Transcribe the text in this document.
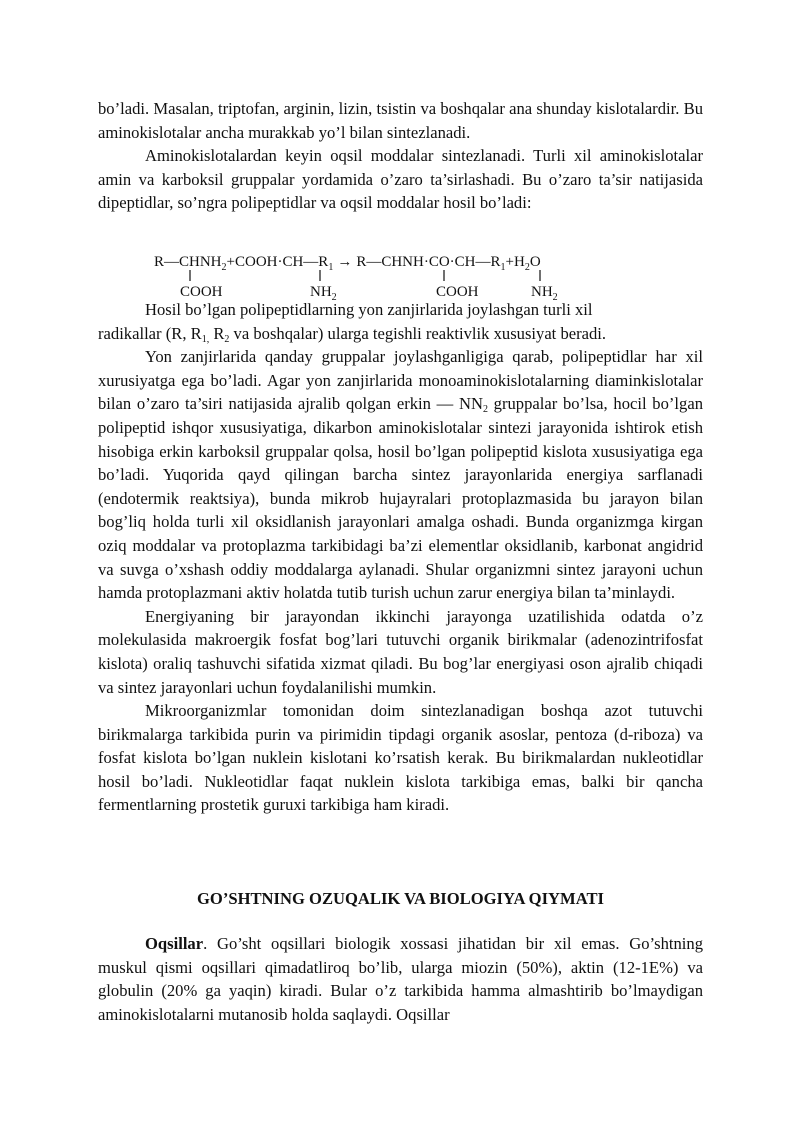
bo’ladi. Masalan, triptofan, arginin, lizin, tsistin va boshqalar ana shunday kislotalardir. Bu aminokislotalar ancha murakkab yo’l bilan sintezlanadi.

Aminokislotalardan keyin oqsil moddalar sintezlanadi. Turli xil aminokislotalar amin va karboksil gruppalar yordamida o’zaro ta’sirlashadi. Bu o’zaro ta’sir natijasida dipeptidlar, so’ngra polipeptidlar va oqsil moddalar hosil bo’ladi:

$R—CHNH_2+COOH\cdot CH—R_1$ → $R—CHNH\cdot CO\cdot CH—R_1+H_2O$
COOH	$NH_2$	COOH	$NH_2$

Hosil bo’lgan polipeptidlarning yon zanjirlarida joylashgan turli xil

radikallar (R, $R_{1,}$ $R_2$ va boshqalar) ularga tegishli reaktivlik xususiyat beradi.

Yon zanjirlarida qanday gruppalar joylashganligiga qarab, polipeptidlar har xil xurusiyatga ega bo’ladi. Agar yon zanjirlarida monoaminokislotalarning diaminkislotalar bilan o’zaro ta’siri natijasida ajralib qolgan erkin — $NN_2$ gruppalar bo’lsa, hocil bo’lgan polipeptid ishqor xususiyatiga, dikarbon aminokislotalar sintezi jarayonida ishtirok etish hisobiga erkin karboksil gruppalar qolsa, hosil bo’lgan polipeptid kislota xususiyatiga ega bo’ladi. Yuqorida qayd qilingan barcha sintez jarayonlarida energiya sarflanadi (endotermik reaktsiya), bunda mikrob hujayralari protoplazmasida bu jarayon bilan bog’liq holda turli xil oksidlanish jarayonlari amalga oshadi. Bunda organizmga kirgan oziq moddalar va protoplazma tarkibidagi ba’zi elementlar oksidlanib, karbonat angidrid va suvga o’xshash oddiy moddalarga aylanadi. Shular organizmni sintez jarayoni uchun hamda protoplazmani aktiv holatda tutib turish uchun zarur energiya bilan ta’minlaydi.

Energiyaning bir jarayondan ikkinchi jarayonga uzatilishida odatda o’z molekulasida makroergik fosfat bog’lari tutuvchi organik birikmalar (adenozintrifosfat kislota) oraliq tashuvchi sifatida xizmat qiladi. Bu bog’lar energiyasi oson ajralib chiqadi va sintez jarayonlari uchun foydalanilishi mumkin.

Mikroorganizmlar tomonidan doim sintezlanadigan boshqa azot tutuvchi birikmalarga tarkibida purin va pirimidin tipdagi organik asoslar, pentoza (d-riboza) va fosfat kislota bo’lgan nuklein kislotani ko’rsatish kerak. Bu birikmalardan nukleotidlar hosil bo’ladi. Nukleotidlar faqat nuklein kislota tarkibiga emas, balki bir qancha fermentlarning prostetik guruxi tarkibiga ham kiradi.

GO’SHTNING OZUQALIK VA BIOLOGIYA QIYMATI

Oqsillar. Go’sht oqsillari biologik xossasi jihatidan bir xil emas. Go’shtning muskul qismi oqsillari qimadatliroq bo’lib, ularga miozin (50%), aktin (12-1E%) va globulin (20% ga yaqin) kiradi. Bular o’z tarkibida hamma almashtirib bo’lmaydigan aminokislotalarni mutanosib holda saqlaydi. Oqsillar
